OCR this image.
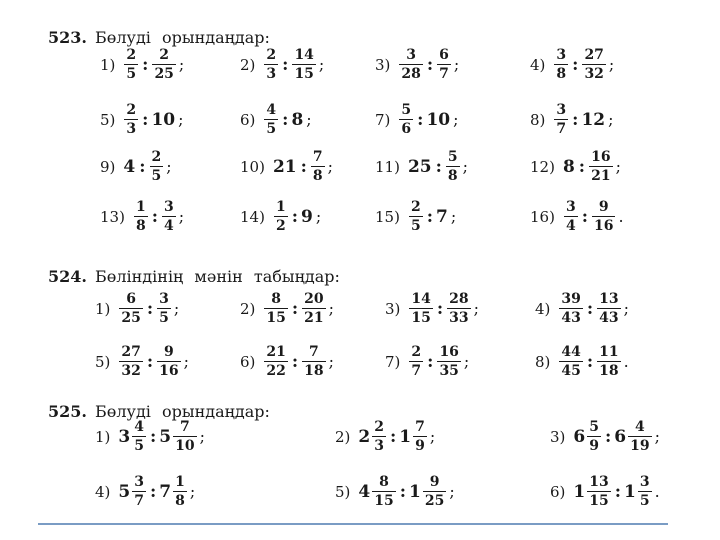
523. Бөлуді орындаңдар:
$1) \frac{2}{5}$ : $\frac{2}{25}$ ;	$2) \frac{2}{3}$ : $\frac{14}{15}$ ;	$3) \frac{3}{28}$ : $\frac{6}{7}$ ;	$4) \frac{3}{8}$ : $\frac{27}{32}$ ;
$5) \frac{2}{3}$ : 10 ;	$6) \frac{4}{5}$ : 8 ;	$7) \frac{5}{6}$ : 10 ;	$8) \frac{3}{7}$ : 12 ;
9) 4 : $\frac{2}{5}$ ;	10) 21 : $\frac{7}{8}$ ;	11) 25 : $\frac{5}{8}$ ;	12) 8 : $\frac{16}{21}$ ;
$13) \frac{1}{8}$ : $\frac{3}{4}$ ;	$14) \frac{1}{2}$ : 9 ;	$15) \frac{2}{5}$ : 7 ;	$16) \frac{3}{4}$ : $\frac{9}{16}$ .
524. Бөліндінің мәнін табыңдар:
$1) \frac{6}{25}$ : $\frac{3}{5}$ ;	$2) \frac{8}{15}$ : $\frac{20}{21}$ ;	$3) \frac{14}{15}$ : $\frac{28}{33}$ ;	$4) \frac{39}{43}$ : $\frac{13}{43}$ ;
$5) \frac{27}{32}$ : $\frac{9}{16}$ ;	$6) \frac{21}{22}$ : $\frac{7}{18}$ ;	$7) \frac{2}{7}$ : $\frac{16}{35}$ ;	$8) \frac{44}{45}$ : $\frac{11}{18}$ .
525. Бөлуді орындаңдар:
1) $3 \frac{4}{5}$ : $5 \frac{7}{10}$ ;	2) $2 \frac{2}{3}$ : $1 \frac{7}{9}$ ;	3) $6 \frac{5}{9}$ : $6 \frac{4}{19}$ ;
4) $5 \frac{3}{7}$ : $7 \frac{1}{8}$ ;	5) $4 \frac{8}{15}$ : $1 \frac{9}{25}$ ;	6) $1 \frac{13}{15}$ : $1 \frac{3}{5}$ .
